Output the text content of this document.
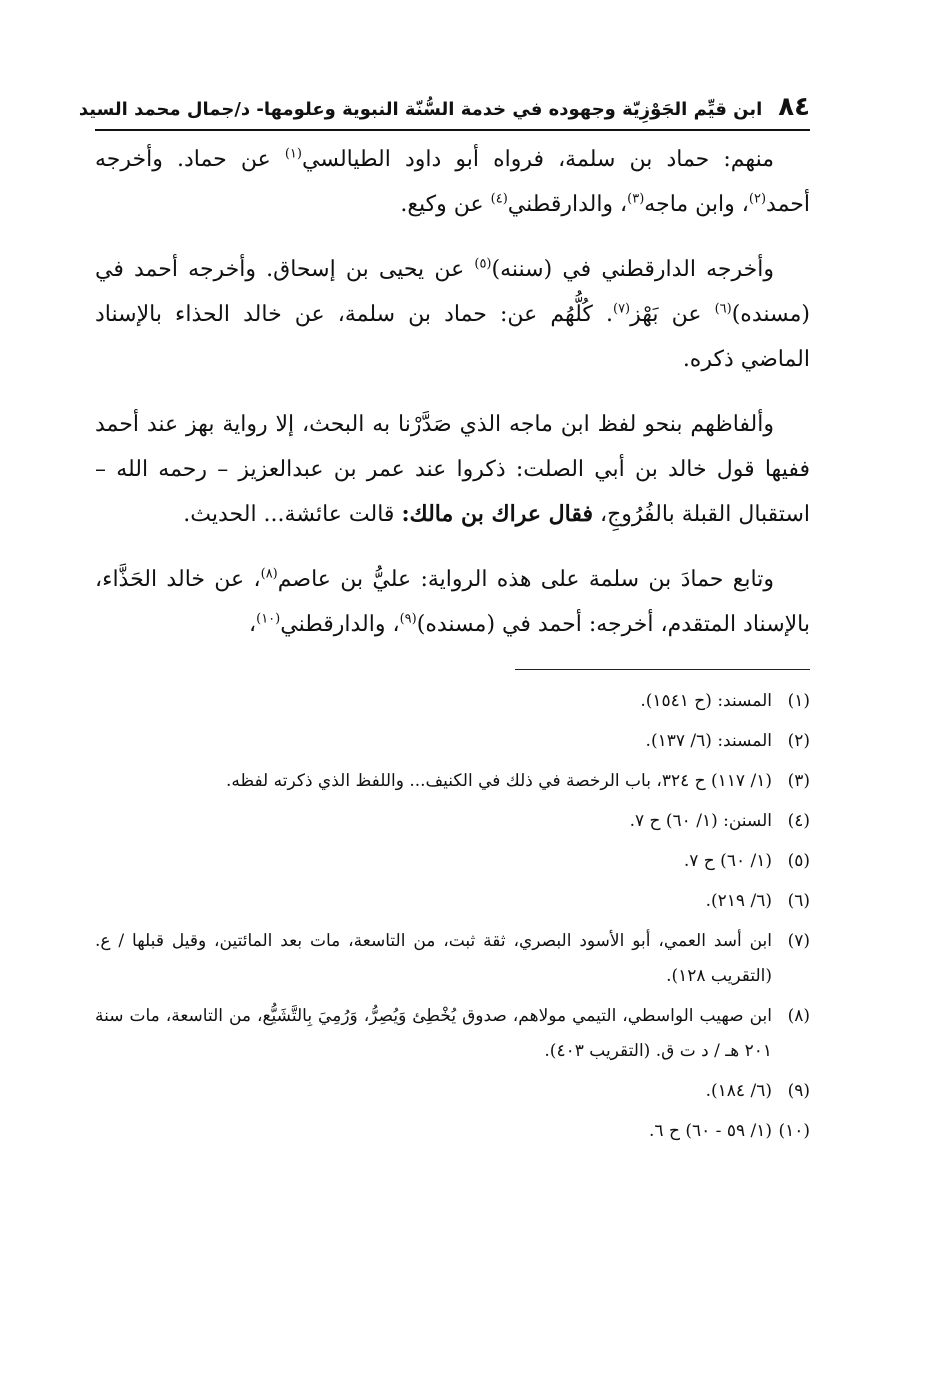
٨٤
ابن قيِّم الجَوْزِيّة وجهوده في خدمة السُّنّة النبوية وعلومها- د/جمال محمد السيد

منهم: حماد بن سلمة، فرواه أبو داود الطيالسي$^{(١)}$ عن حماد. وأخرجه أحمد$^{(٢)}$، وابن ماجه$^{(٣)}$، والدارقطني$^{(٤)}$ عن وكيع.

وأخرجه الدارقطني في (سننه)$^{(٥)}$ عن يحيى بن إسحاق. وأخرجه أحمد في (مسنده)$^{(٦)}$ عن بَهْز$^{(٧)}$. كُلُّهُم عن: حماد بن سلمة، عن خالد الحذاء بالإسناد الماضي ذكره.

وألفاظهم بنحو لفظ ابن ماجه الذي صَدَّرْنا به البحث، إلا رواية بهز عند أحمد ففيها قول خالد بن أبي الصلت: ذكروا عند عمر بن عبدالعزيز – رحمه الله – استقبال القبلة بالفُرُوجِ، فقال عراك بن مالك: قالت عائشة... الحديث.

وتابع حمادَ بن سلمة على هذه الرواية: عليُّ بن عاصم$^{(٨)}$، عن خالد الحَذَّاء، بالإسناد المتقدم، أخرجه: أحمد في (مسنده)$^{(٩)}$، والدارقطني$^{(١٠)}$،

(١)المسند: (ح ١٥٤١).

(٢)المسند: (٦/ ١٣٧).

(٣)(١/ ١١٧) ح ٣٢٤، باب الرخصة في ذلك في الكنيف... واللفظ الذي ذكرته لفظه.

(٤)السنن: (١/ ٦٠) ح ٧.

(٥)(١/ ٦٠) ح ٧.

(٦)(٦/ ٢١٩).

(٧)ابن أسد العمي، أبو الأسود البصري، ثقة ثبت، من التاسعة، مات بعد المائتين، وقيل قبلها / ع. (التقريب ١٢٨).

(٨)ابن صهيب الواسطي، التيمي مولاهم، صدوق يُخْطِئ وَيُصِرُّ، وَرُمِيَ بِالتَّشَيُّع، من التاسعة، مات سنة ٢٠١ هـ / د ت ق. (التقريب ٤٠٣).

(٩)(٦/ ١٨٤).

(١٠)(١/ ٥٩ - ٦٠) ح ٦.
